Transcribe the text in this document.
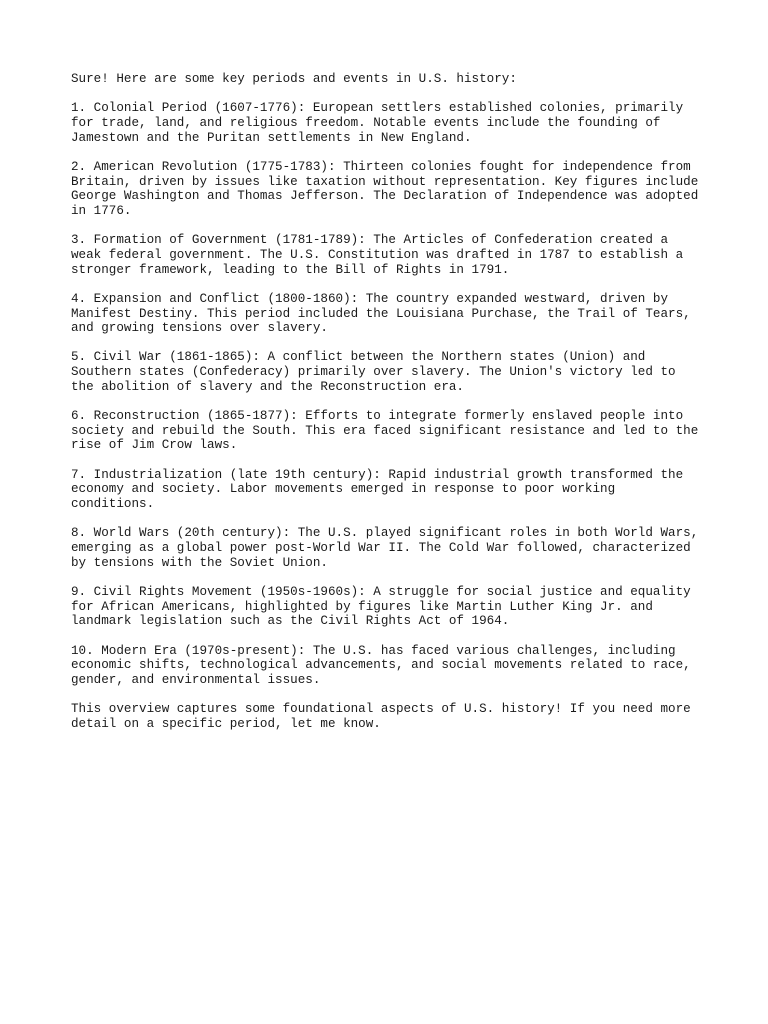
Sure! Here are some key periods and events in U.S. history:
1. Colonial Period (1607-1776): European settlers established colonies, primarily
for trade, land, and religious freedom. Notable events include the founding of
Jamestown and the Puritan settlements in New England.
2. American Revolution (1775-1783): Thirteen colonies fought for independence from
Britain, driven by issues like taxation without representation. Key figures include
George Washington and Thomas Jefferson. The Declaration of Independence was adopted
in 1776.
3. Formation of Government (1781-1789): The Articles of Confederation created a
weak federal government. The U.S. Constitution was drafted in 1787 to establish a
stronger framework, leading to the Bill of Rights in 1791.
4. Expansion and Conflict (1800-1860): The country expanded westward, driven by
Manifest Destiny. This period included the Louisiana Purchase, the Trail of Tears,
and growing tensions over slavery.
5. Civil War (1861-1865): A conflict between the Northern states (Union) and
Southern states (Confederacy) primarily over slavery. The Union's victory led to
the abolition of slavery and the Reconstruction era.
6. Reconstruction (1865-1877): Efforts to integrate formerly enslaved people into
society and rebuild the South. This era faced significant resistance and led to the
rise of Jim Crow laws.
7. Industrialization (late 19th century): Rapid industrial growth transformed the
economy and society. Labor movements emerged in response to poor working
conditions.
8. World Wars (20th century): The U.S. played significant roles in both World Wars,
emerging as a global power post-World War II. The Cold War followed, characterized
by tensions with the Soviet Union.
9. Civil Rights Movement (1950s-1960s): A struggle for social justice and equality
for African Americans, highlighted by figures like Martin Luther King Jr. and
landmark legislation such as the Civil Rights Act of 1964.
10. Modern Era (1970s-present): The U.S. has faced various challenges, including
economic shifts, technological advancements, and social movements related to race,
gender, and environmental issues.
This overview captures some foundational aspects of U.S. history! If you need more
detail on a specific period, let me know.
